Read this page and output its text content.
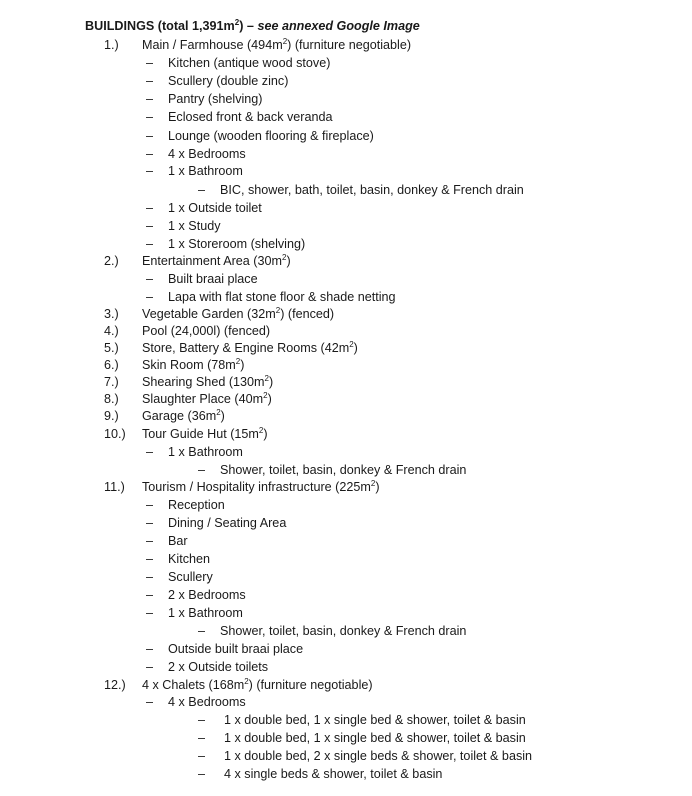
BUILDINGS (total $1,391m^2$) – see annexed Google Image
1.)	Main / Farmhouse $(494m^2)$ (furniture negotiable)
– Kitchen (antique wood stove)
– Scullery (double zinc)
– Pantry (shelving)
– Eclosed front & back veranda
– Lounge (wooden flooring & fireplace)
– 4 x Bedrooms
– 1 x Bathroom
– BIC, shower, bath, toilet, basin, donkey & French drain
– 1 x Outside toilet
– 1 x Study
– 1 x Storeroom (shelving)
2.)	Entertainment Area $(30m^2)$
– Built braai place
– Lapa with flat stone floor & shade netting
3.)	Vegetable Garden $(32m^2)$ (fenced)
4.)	Pool (24,000l) (fenced)
5.)	Store, Battery & Engine Rooms $(42m^2)$
6.)	Skin Room $(78m^2)$
7.)	Shearing Shed $(130m^2)$
8.)	Slaughter Place $(40m^2)$
9.)	Garage $(36m^2)$
10.)	Tour Guide Hut $(15m^2)$
– 1 x Bathroom
– Shower, toilet, basin, donkey & French drain
11.)	Tourism / Hospitality infrastructure $(225m^2)$
– Reception
– Dining / Seating Area
– Bar
– Kitchen
– Scullery
– 2 x Bedrooms
– 1 x Bathroom
– Shower, toilet, basin, donkey & French drain
– Outside built braai place
– 2 x Outside toilets
12.)	4 x Chalets $(168m^2)$ (furniture negotiable)
– 4 x Bedrooms
– 1 x double bed, 1 x single bed & shower, toilet & basin
– 1 x double bed, 1 x single bed & shower, toilet & basin
– 1 x double bed, 2 x single beds & shower, toilet & basin
– 4 x single beds & shower, toilet & basin
